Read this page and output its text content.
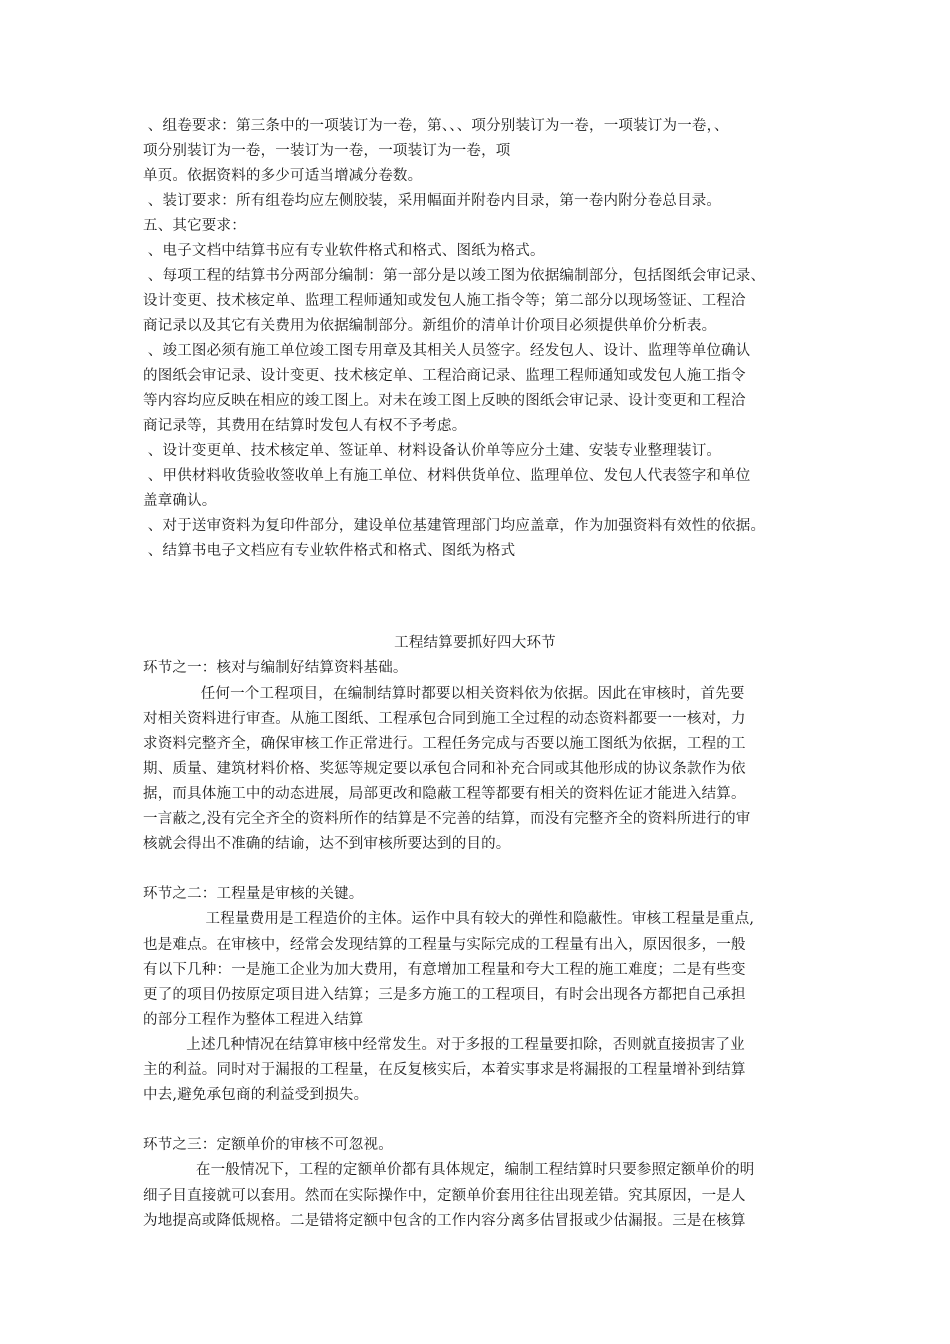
、组卷要求：第三条中的一项装订为一卷，第、、、项分别装订为一卷，一项装订为一卷，、
项分别装订为一卷，一装订为一卷，一项装订为一卷，项
单页。依据资料的多少可适当增减分卷数。
、装订要求：所有组卷均应左侧胶装，采用幅面并附卷内目录，第一卷内附分卷总目录。
五、其它要求：
、电子文档中结算书应有专业软件格式和格式、图纸为格式。
、每项工程的结算书分两部分编制：第一部分是以竣工图为依据编制部分，包括图纸会审记录、
设计变更、技术核定单、监理工程师通知或发包人施工指令等；第二部分以现场签证、工程洽
商记录以及其它有关费用为依据编制部分。新组价的清单计价项目必须提供单价分析表。
、竣工图必须有施工单位竣工图专用章及其相关人员签字。经发包人、设计、监理等单位确认
的图纸会审记录、设计变更、技术核定单、工程洽商记录、监理工程师通知或发包人施工指令
等内容均应反映在相应的竣工图上。对未在竣工图上反映的图纸会审记录、设计变更和工程洽
商记录等，其费用在结算时发包人有权不予考虑。
、设计变更单、技术核定单、签证单、材料设备认价单等应分土建、安装专业整理装订。
、甲供材料收货验收签收单上有施工单位、材料供货单位、监理单位、发包人代表签字和单位
盖章确认。
、对于送审资料为复印件部分，建设单位基建管理部门均应盖章，作为加强资料有效性的依据。
、结算书电子文档应有专业软件格式和格式、图纸为格式
工程结算要抓好四大环节
环节之一：核对与编制好结算资料基础。
任何一个工程项目，在编制结算时都要以相关资料依为依据。因此在审核时，首先要
对相关资料进行审查。从施工图纸、工程承包合同到施工全过程的动态资料都要一一核对，力
求资料完整齐全，确保审核工作正常进行。工程任务完成与否要以施工图纸为依据，工程的工
期、质量、建筑材料价格、奖惩等规定要以承包合同和补充合同或其他形成的协议条款作为依
据，而具体施工中的动态进展，局部更改和隐蔽工程等都要有相关的资料佐证才能进入结算。
一言蔽之,没有完全齐全的资料所作的结算是不完善的结算，而没有完整齐全的资料所进行的审
核就会得出不准确的结谕，达不到审核所要达到的目的。
环节之二：工程量是审核的关键。
工程量费用是工程造价的主体。运作中具有较大的弹性和隐蔽性。审核工程量是重点,
也是难点。在审核中，经常会发现结算的工程量与实际完成的工程量有出入，原因很多，一般
有以下几种：一是施工企业为加大费用，有意增加工程量和夸大工程的施工难度；二是有些变
更了的项目仍按原定项目进入结算；三是多方施工的工程项目，有时会出现各方都把自己承担
的部分工程作为整体工程进入结算
上述几种情况在结算审核中经常发生。对于多报的工程量要扣除，否则就直接损害了业
主的利益。同时对于漏报的工程量，在反复核实后，本着实事求是将漏报的工程量增补到结算
中去,避免承包商的利益受到损失。
环节之三：定额单价的审核不可忽视。
在一般情况下，工程的定额单价都有具体规定，编制工程结算时只要参照定额单价的明
细子目直接就可以套用。然而在实际操作中，定额单价套用往往出现差错。究其原因，一是人
为地提高或降低规格。二是错将定额中包含的工作内容分离多估冒报或少估漏报。三是在核算
